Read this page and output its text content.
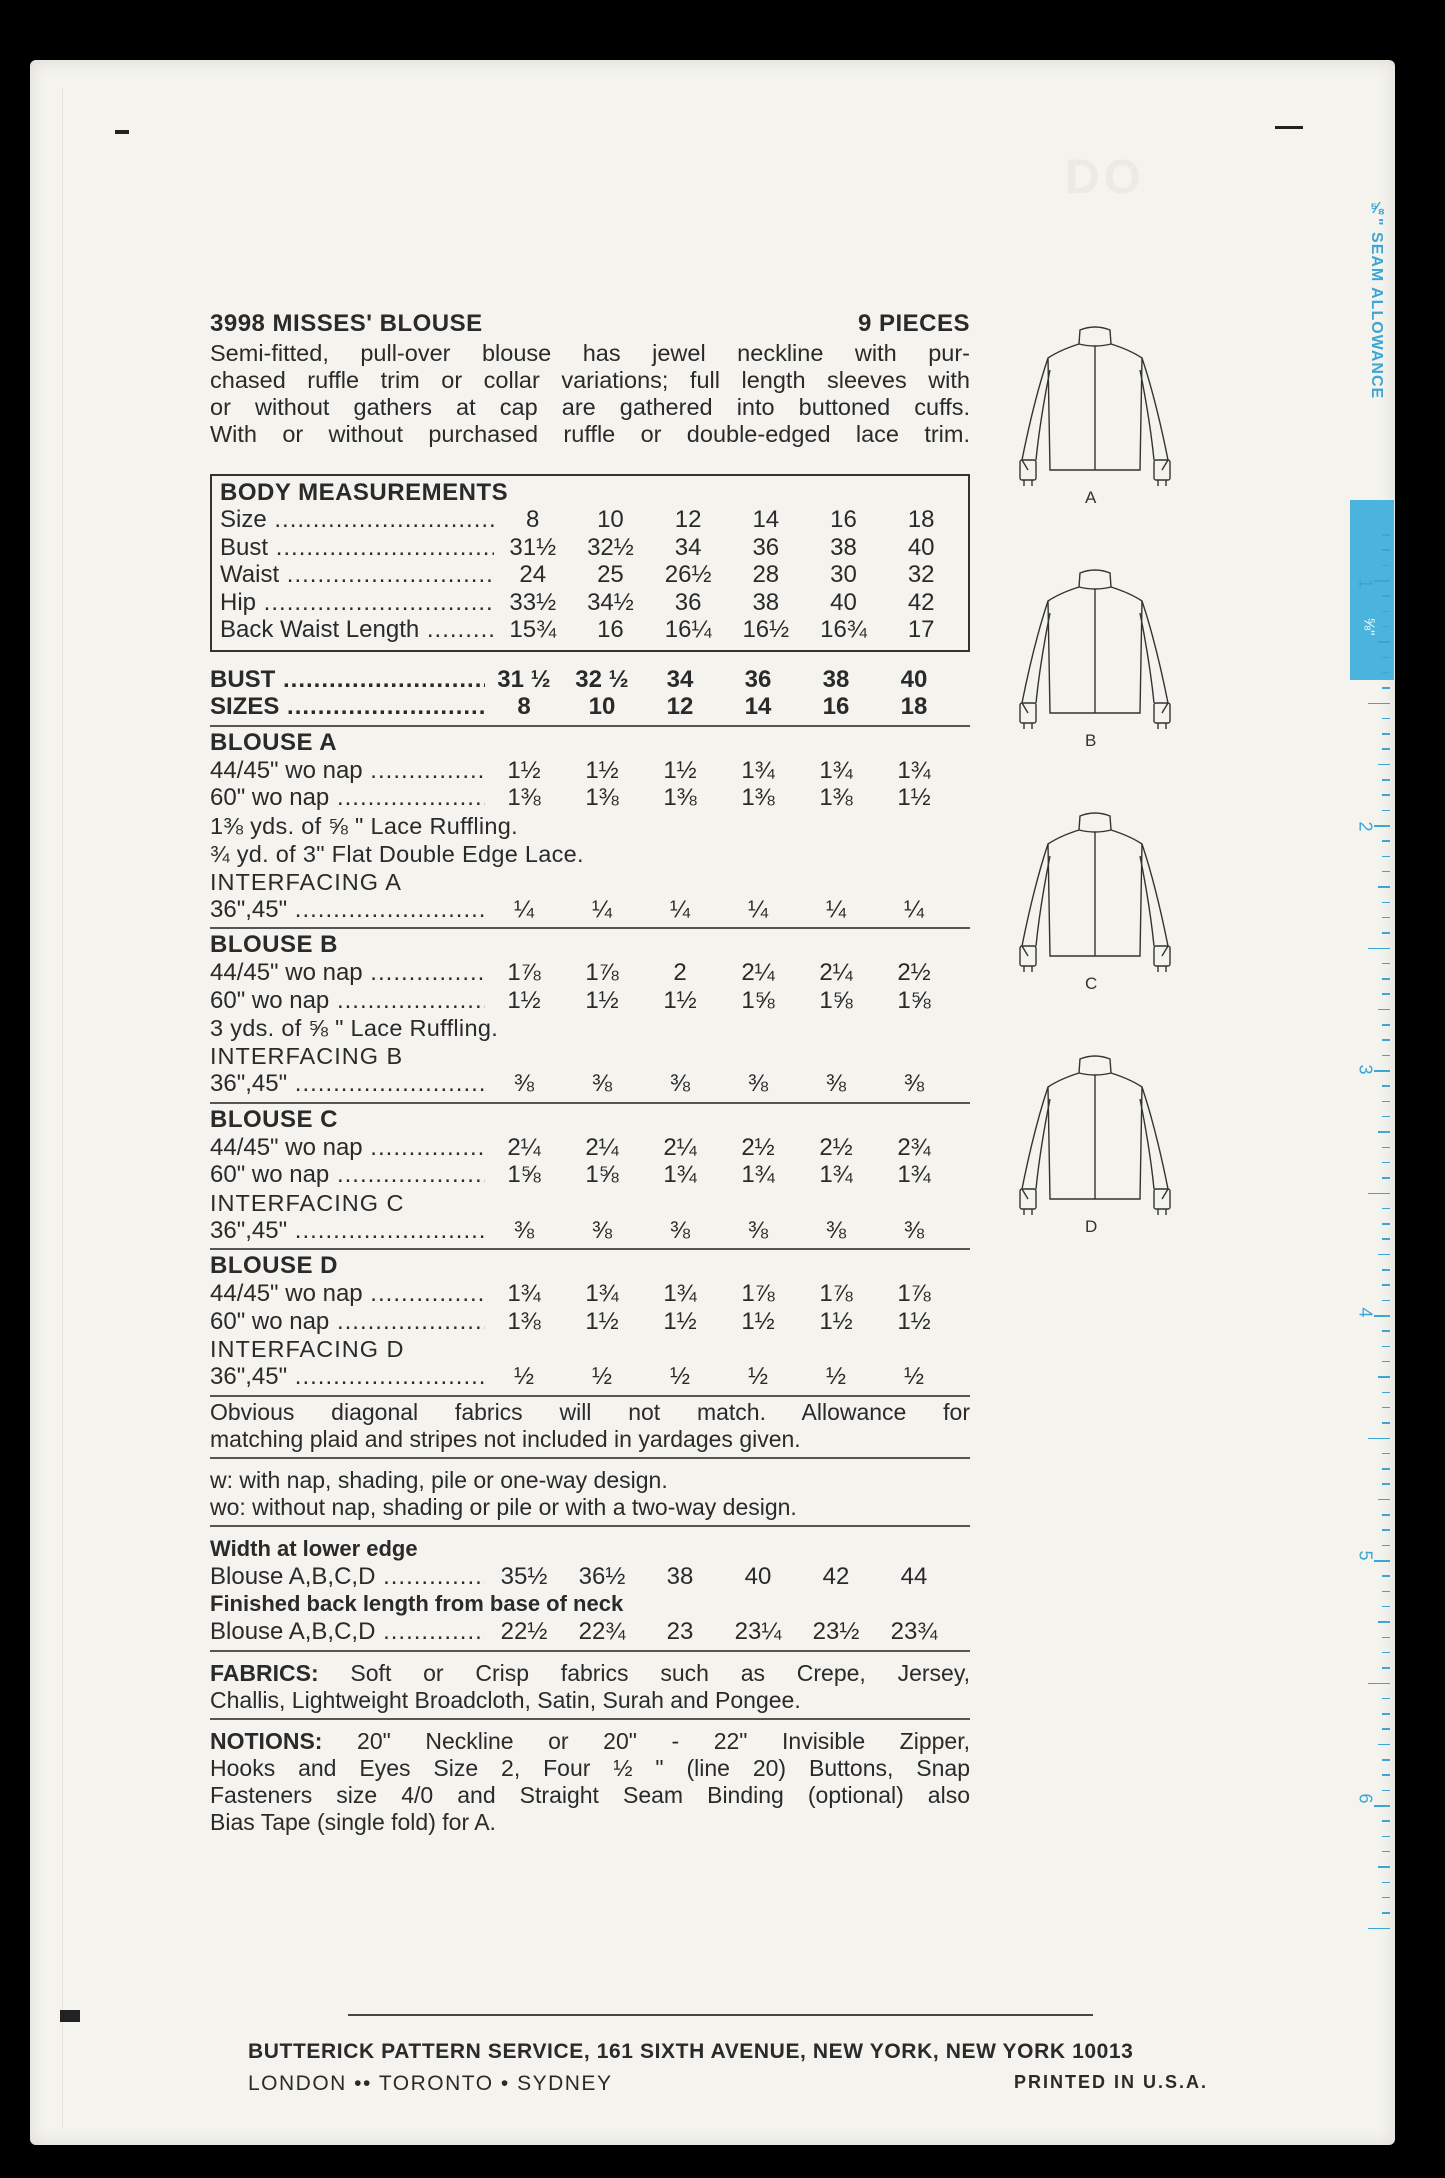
3998 MISSES' BLOUSE	9 PIECES
Semi-fitted, pull-over blouse has jewel neckline with pur-
chased ruffle trim or collar variations; full length sleeves with
or without gathers at cap are gathered into buttoned cuffs.
With or without purchased ruffle or double-edged lace trim.
BODY MEASUREMENTS
Size .....	8	10	12	14	16	18
Bust .....	31½	32½	34	36	38	40
Waist .....	24	25	26½	28	30	32
Hip .....	33½	34½	36	38	40	42
Back Waist Length .....	15¾	16	16¼	16½	16¾	17
BUST .....	31 ½	32 ½	34	36	38	40
SIZES .....	8	10	12	14	16	18
BLOUSE A
44/45" wo nap .....	1½	1½	1½	1¾	1¾	1¾
60" wo nap .....	1⅜	1⅜	1⅜	1⅜	1⅜	1½
1⅜ yds. of ⅝ " Lace Ruffling.
¾ yd. of 3" Flat Double Edge Lace.
INTERFACING A
36",45" .....	¼	¼	¼	¼	¼	¼
BLOUSE B
44/45" wo nap .....	1⅞	1⅞	2	2¼	2¼	2½
60" wo nap .....	1½	1½	1½	1⅝	1⅝	1⅝
3 yds. of ⅝ " Lace Ruffling.
INTERFACING B
36",45" .....	⅜	⅜	⅜	⅜	⅜	⅜
BLOUSE C
44/45" wo nap .....	2¼	2¼	2¼	2½	2½	2¾
60" wo nap .....	1⅝	1⅝	1¾	1¾	1¾	1¾
INTERFACING C
36",45" .....	⅜	⅜	⅜	⅜	⅜	⅜
BLOUSE D
44/45" wo nap .....	1¾	1¾	1¾	1⅞	1⅞	1⅞
60" wo nap .....	1⅜	1½	1½	1½	1½	1½
INTERFACING D
36",45" .....	½	½	½	½	½	½
Obvious diagonal fabrics will not match. Allowance for
matching plaid and stripes not included in yardages given.
w: with nap, shading, pile or one-way design.
wo: without nap, shading or pile or with a two-way design.
Width at lower edge
Blouse A,B,C,D .....	35½	36½	38	40	42	44
Finished back length from base of neck
Blouse A,B,C,D .....	22½	22¾	23	23¼	23½	23¾
FABRICS: Soft or Crisp fabrics such as Crepe, Jersey,
Challis, Lightweight Broadcloth, Satin, Surah and Pongee.
NOTIONS: 20" Neckline or 20" - 22" Invisible Zipper,
Hooks and Eyes Size 2, Four ½ " (line 20) Buttons, Snap
Fasteners size 4/0 and Straight Seam Binding (optional) also
Bias Tape (single fold) for A.
A
B
C
D
DO
⅝"
⅝" SEAM ALLOWANCE
1
2
3
4
5
6
BUTTERICK PATTERN SERVICE, 161 SIXTH AVENUE, NEW YORK, NEW YORK 10013
LONDON •• TORONTO • SYDNEY	PRINTED IN U.S.A.
